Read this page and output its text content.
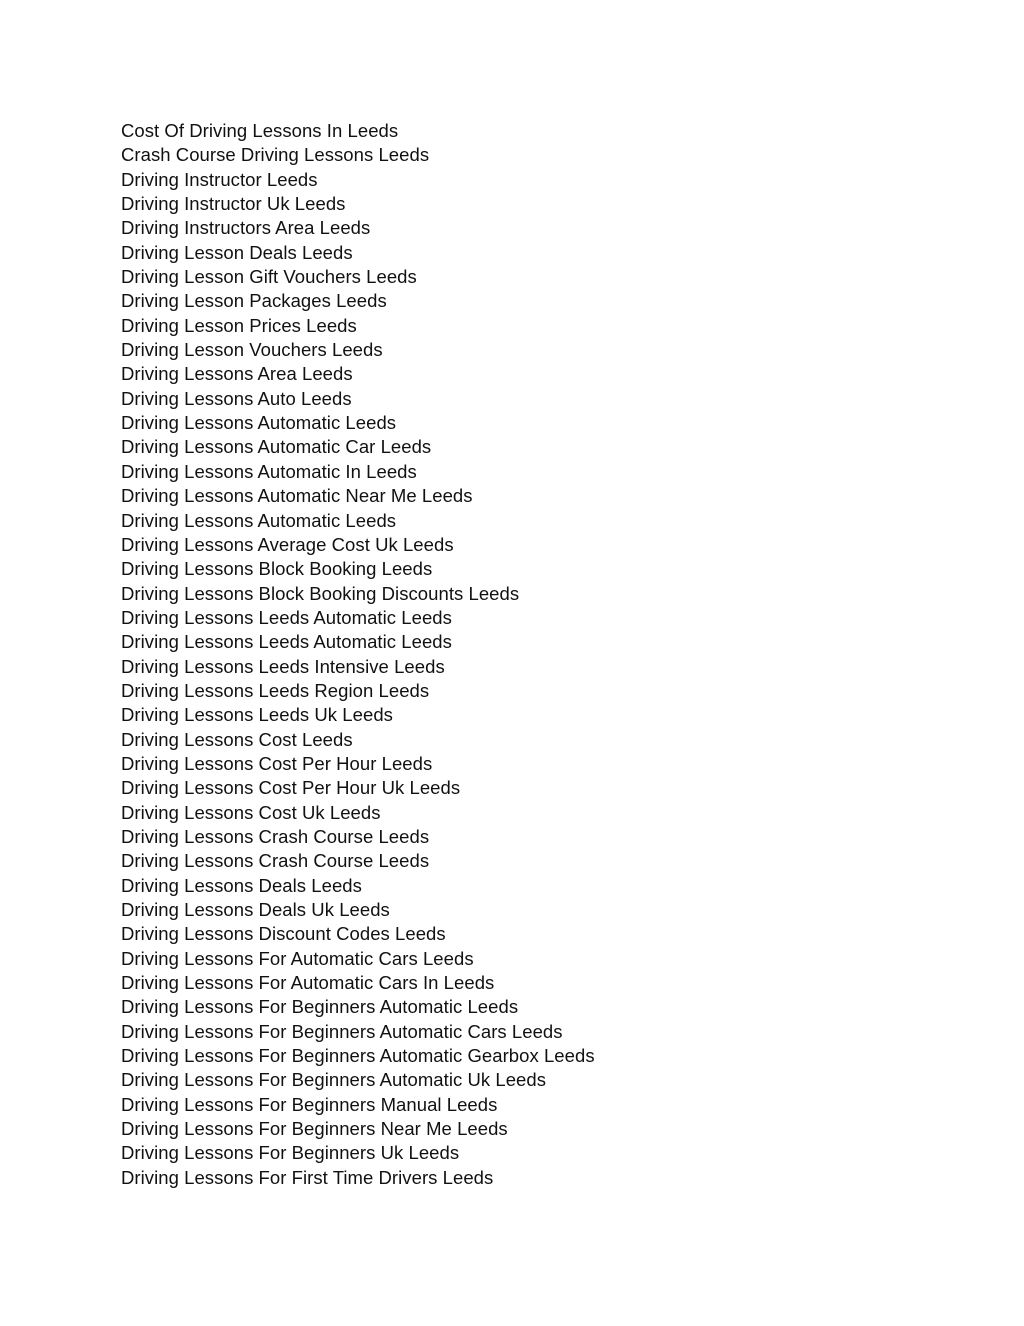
Cost Of Driving Lessons In Leeds
Crash Course Driving Lessons Leeds
Driving Instructor Leeds
Driving Instructor Uk Leeds
Driving Instructors Area Leeds
Driving Lesson Deals Leeds
Driving Lesson Gift Vouchers Leeds
Driving Lesson Packages Leeds
Driving Lesson Prices Leeds
Driving Lesson Vouchers Leeds
Driving Lessons Area Leeds
Driving Lessons Auto Leeds
Driving Lessons Automatic Leeds
Driving Lessons Automatic Car Leeds
Driving Lessons Automatic In Leeds
Driving Lessons Automatic Near Me Leeds
Driving Lessons Automatic Leeds
Driving Lessons Average Cost Uk Leeds
Driving Lessons Block Booking Leeds
Driving Lessons Block Booking Discounts Leeds
Driving Lessons Leeds Automatic Leeds
Driving Lessons Leeds Automatic Leeds
Driving Lessons Leeds Intensive Leeds
Driving Lessons Leeds Region Leeds
Driving Lessons Leeds Uk Leeds
Driving Lessons Cost Leeds
Driving Lessons Cost Per Hour Leeds
Driving Lessons Cost Per Hour Uk Leeds
Driving Lessons Cost Uk Leeds
Driving Lessons Crash Course Leeds
Driving Lessons Crash Course Leeds
Driving Lessons Deals Leeds
Driving Lessons Deals Uk Leeds
Driving Lessons Discount Codes Leeds
Driving Lessons For Automatic Cars Leeds
Driving Lessons For Automatic Cars In Leeds
Driving Lessons For Beginners Automatic Leeds
Driving Lessons For Beginners Automatic Cars Leeds
Driving Lessons For Beginners Automatic Gearbox Leeds
Driving Lessons For Beginners Automatic Uk Leeds
Driving Lessons For Beginners Manual Leeds
Driving Lessons For Beginners Near Me Leeds
Driving Lessons For Beginners Uk Leeds
Driving Lessons For First Time Drivers Leeds
